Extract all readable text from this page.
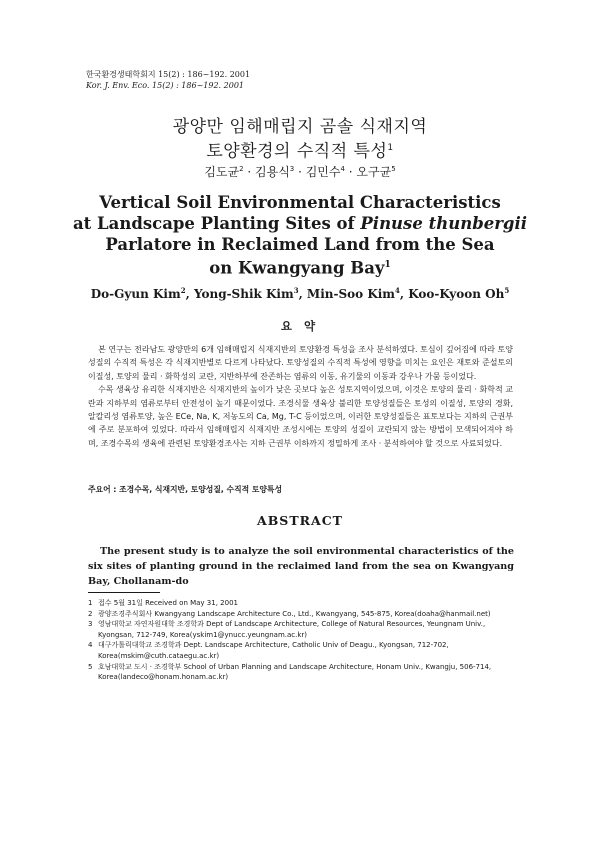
한국환경생태학회지 15(2) : 186~192. 2001
Kor. J. Env. Eco. 15(2) : 186~192. 2001
광양만 임해매립지 곰솔 식재지역
토양환경의 수직적 특성$^1$
김도균$^2$ · 김용식$^3$ · 김민수$^4$ · 오구균$^5$
Vertical Soil Environmental Characteristics
at Landscape Planting Sites of Pinuse thunbergii
Parlatore in Reclaimed Land from the Sea
on Kwangyang Bay$^1$
Do-Gyun Kim$^2$, Yong-Shik Kim$^3$, Min-Soo Kim$^4$, Koo-Kyoon Oh$^5$
요 약

본 연구는 전라남도 광양만의 6개 임해매립지 식재지반의 토양환경 특성을 조사 분석하였다. 토심이 깊어짐에 따라 토양성질의 수직적 특성은 각 식재지반별로 다르게 나타났다. 토양성질의 수직적 특성에 영향을 미치는 요인은 재토와 준설토의 이질성, 토양의 물리 · 화학성의 교란, 지반하부에 잔존하는 염류의 이동, 유기물의 이동과 강우나 가뭄 등이었다.

수목 생육상 유리한 식재지반은 식재지반의 높이가 낮은 곳보다 높은 성토지역이었으며, 이것은 토양의 물리 · 화학적 교란과 지하부의 염류로부터 안전성이 높기 때문이었다. 조경식물 생육상 불리한 토양성질들은 토성의 이질성, 토양의 경화, 알칼리성 염류토양, 높은 ECe, Na, K, 저농도의 Ca, Mg, T-C 등이었으며, 이러한 토양성질들은 표토보다는 지하의 근권부에 주로 분포하여 있었다. 따라서 임해매립지 식재지반 조성시에는 토양의 성질이 교란되지 않는 방법이 모색되어져야 하며, 조경수목의 생육에 관련된 토양환경조사는 지하 근권부 이하까지 정밀하게 조사 · 분석하여야 할 것으로 사료되었다.

주요어 : 조경수목, 식재지반, 토양성질, 수직적 토양특성
ABSTRACT
The present study is to analyze the soil environmental characteristics of the six sites of planting ground in the reclaimed land from the sea on Kwangyang Bay, Chollanam-do
1 접수 5월 31일 Received on May 31, 2001
2 광양조경주식회사 Kwangyang Landscape Architecture Co., Ltd., Kwangyang, 545-875, Korea(doaha@hanmail.net)
3 영남대학교 자연자원대학 조경학과 Dept of Landscape Architecture, College of Natural Resources, Yeungnam Univ., Kyongsan, 712-749, Korea(yskim1@ynucc.yeungnam.ac.kr)
4 대구가톨릭대학교 조경학과 Dept. Landscape Architecture, Catholic Univ of Deagu., Kyongsan, 712-702, Korea(mskim@cuth.cataegu.ac.kr)
5 호남대학교 도시 · 조경학부 School of Urban Planning and Landscape Architecture, Honam Univ., Kwangju, 506-714, Korea(landeco@honam.honam.ac.kr)
